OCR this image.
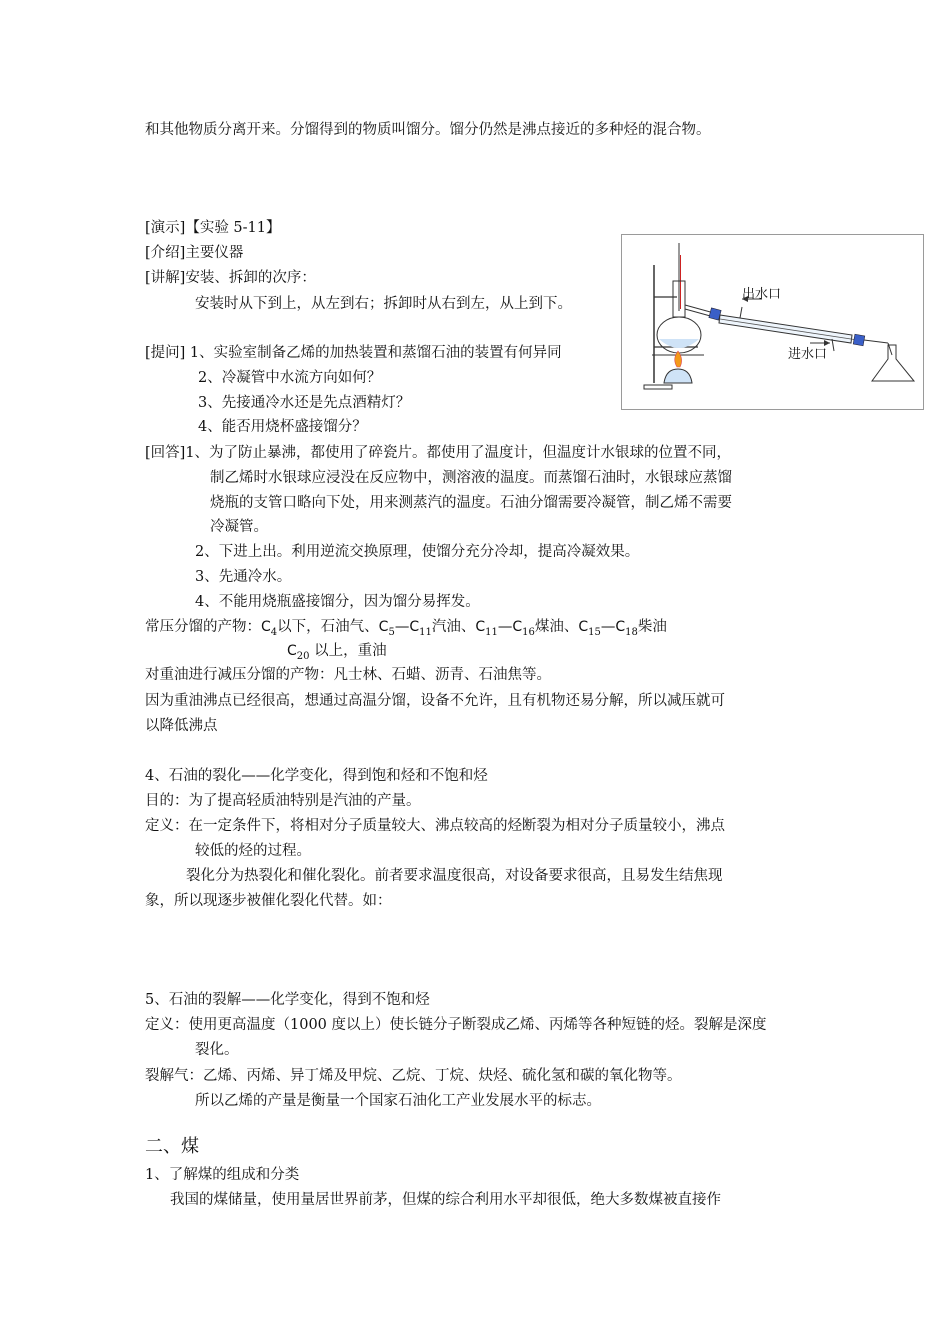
和其他物质分离开来。分馏得到的物质叫馏分。馏分仍然是沸点接近的多种烃的混合物。
[演示]【实验 5-11】
[介绍]主要仪器
[讲解]安装、拆卸的次序：
安装时从下到上，从左到右；拆卸时从右到左，从上到下。
[提问] 1、实验室制备乙烯的加热装置和蒸馏石油的装置有何异同
2、冷凝管中水流方向如何？
3、先接通冷水还是先点酒精灯？
4、能否用烧杯盛接馏分？
[回答]1、为了防止暴沸，都使用了碎瓷片。都使用了温度计，但温度计水银球的位置不同，
制乙烯时水银球应浸没在反应物中，测溶液的温度。而蒸馏石油时，水银球应蒸馏
烧瓶的支管口略向下处，用来测蒸汽的温度。石油分馏需要冷凝管，制乙烯不需要
冷凝管。
2、下进上出。利用逆流交换原理，使馏分充分冷却，提高冷凝效果。
3、先通冷水。
4、不能用烧瓶盛接馏分，因为馏分易挥发。
常压分馏的产物：$C_4$以下，石油气、$C_5—C_{11}$汽油、$C_{11}—C_{16}$煤油、$C_{15}—C_{18}$柴油
$C_{20}$ 以上，重油
对重油进行减压分馏的产物：凡士林、石蜡、沥青、石油焦等。
因为重油沸点已经很高，想通过高温分馏，设备不允许，且有机物还易分解，所以减压就可
以降低沸点
4、石油的裂化——化学变化，得到饱和烃和不饱和烃
目的：为了提高轻质油特别是汽油的产量。
定义：在一定条件下，将相对分子质量较大、沸点较高的烃断裂为相对分子质量较小，沸点
较低的烃的过程。
裂化分为热裂化和催化裂化。前者要求温度很高，对设备要求很高，且易发生结焦现
象，所以现逐步被催化裂化代替。如：
5、石油的裂解——化学变化，得到不饱和烃
定义：使用更高温度（1000 度以上）使长链分子断裂成乙烯、丙烯等各种短链的烃。裂解是深度
裂化。
裂解气：乙烯、丙烯、异丁烯及甲烷、乙烷、丁烷、炔烃、硫化氢和碳的氧化物等。
所以乙烯的产量是衡量一个国家石油化工产业发展水平的标志。
二、煤
1、了解煤的组成和分类
我国的煤储量，使用量居世界前茅，但煤的综合利用水平却很低，绝大多数煤被直接作
出水口
进水口
